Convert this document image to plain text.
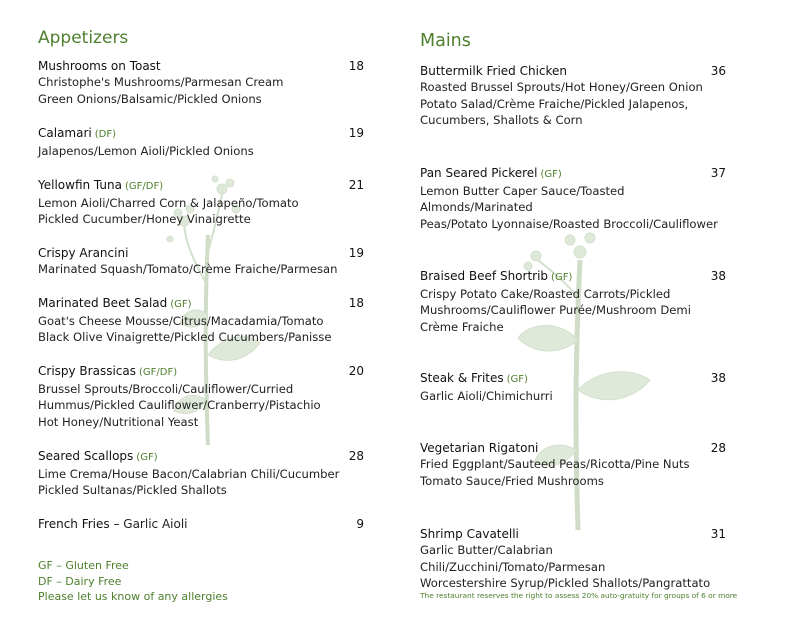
Appetizers
Mushrooms on Toast	18
Christophe's Mushrooms/Parmesan Cream
Green Onions/Balsamic/Pickled Onions
Calamari (DF)	19
Jalapenos/Lemon Aioli/Pickled Onions
Yellowfin Tuna (GF/DF)	21
Lemon Aioli/Charred Corn & Jalapeño/Tomato
Pickled Cucumber/Honey Vinaigrette
Crispy Arancini	19
Marinated Squash/Tomato/Crème Fraiche/Parmesan
Marinated Beet Salad (GF)	18
Goat's Cheese Mousse/Citrus/Macadamia/Tomato
Black Olive Vinaigrette/Pickled Cucumbers/Panisse
Crispy Brassicas (GF/DF)	20
Brussel Sprouts/Broccoli/Cauliflower/Curried
Hummus/Pickled Cauliflower/Cranberry/Pistachio
Hot Honey/Nutritional Yeast
Seared Scallops (GF)	28
Lime Crema/House Bacon/Calabrian Chili/Cucumber
Pickled Sultanas/Pickled Shallots
French Fries – Garlic Aioli	9
Mains
Buttermilk Fried Chicken	36
Roasted Brussel Sprouts/Hot Honey/Green Onion
Potato Salad/Crème Fraiche/Pickled Jalapenos,
Cucumbers, Shallots & Corn
Pan Seared Pickerel (GF)	37
Lemon Butter Caper Sauce/Toasted Almonds/Marinated
Peas/Potato Lyonnaise/Roasted Broccoli/Cauliflower
Braised Beef Shortrib (GF)	38
Crispy Potato Cake/Roasted Carrots/Pickled
Mushrooms/Cauliflower Purée/Mushroom Demi
Crème Fraiche
Steak & Frites (GF)	38
Garlic Aioli/Chimichurri
Vegetarian Rigatoni	28
Fried Eggplant/Sauteed Peas/Ricotta/Pine Nuts
Tomato Sauce/Fried Mushrooms
Shrimp Cavatelli	31
Garlic Butter/Calabrian Chili/Zucchini/Tomato/Parmesan
Worcestershire Syrup/Pickled Shallots/Pangrattato
GF – Gluten Free
DF – Dairy Free
Please let us know of any allergies	The restaurant reserves the right to assess 20% auto-gratuity for groups of 6 or more
